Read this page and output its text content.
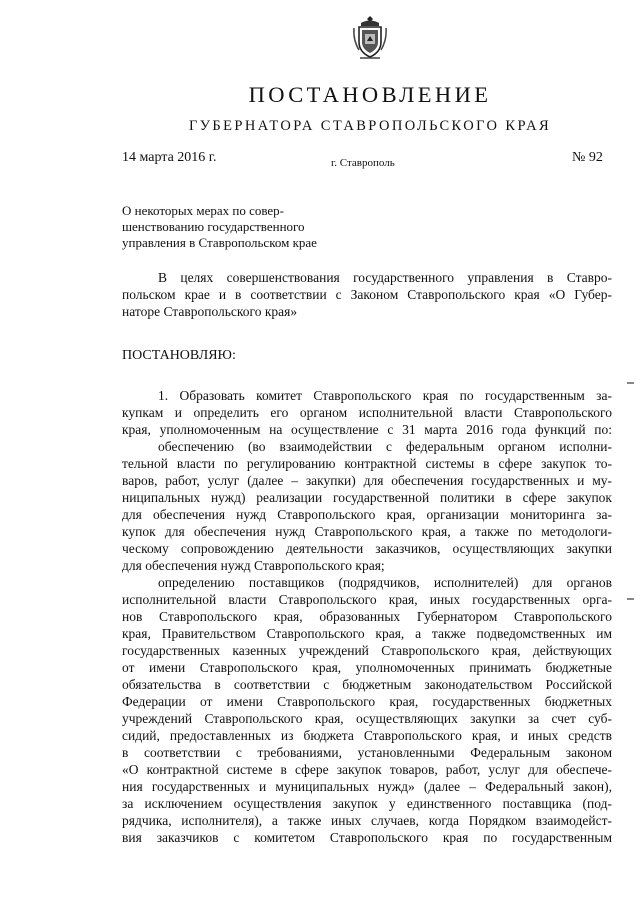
ПОСТАНОВЛЕНИЕ
ГУБЕРНАТОРА СТАВРОПОЛЬСКОГО КРАЯ
14 марта 2016 г.	г. Ставрополь	№ 92
О некоторых мерах по совер-
шенствованию государственного
управления в Ставропольском крае
В целях совершенствования государственного управления в Ставро-
польском крае и в соответствии с Законом Ставропольского края «О Губер-
наторе Ставропольского края»
ПОСТАНОВЛЯЮ:
1. Образовать комитет Ставропольского края по государственным за-
купкам и определить его органом исполнительной власти Ставропольского
края, уполномоченным на осуществление с 31 марта 2016 года функций по:
обеспечению (во взаимодействии с федеральным органом исполни-
тельной власти по регулированию контрактной системы в сфере закупок то-
варов, работ, услуг (далее – закупки) для обеспечения государственных и му-
ниципальных нужд) реализации государственной политики в сфере закупок
для обеспечения нужд Ставропольского края, организации мониторинга за-
купок для обеспечения нужд Ставропольского края, а также по методологи-
ческому сопровождению деятельности заказчиков, осуществляющих закупки
для обеспечения нужд Ставропольского края;
определению поставщиков (подрядчиков, исполнителей) для органов
исполнительной власти Ставропольского края, иных государственных орга-
нов Ставропольского края, образованных Губернатором Ставропольского
края, Правительством Ставропольского края, а также подведомственных им
государственных казенных учреждений Ставропольского края, действующих
от имени Ставропольского края, уполномоченных принимать бюджетные
обязательства в соответствии с бюджетным законодательством Российской
Федерации от имени Ставропольского края, государственных бюджетных
учреждений Ставропольского края, осуществляющих закупки за счет суб-
сидий, предоставленных из бюджета Ставропольского края, и иных средств
в соответствии с требованиями, установленными Федеральным законом
«О контрактной системе в сфере закупок товаров, работ, услуг для обеспече-
ния государственных и муниципальных нужд» (далее – Федеральный закон),
за исключением осуществления закупок у единственного поставщика (под-
рядчика, исполнителя), а также иных случаев, когда Порядком взаимодейст-
вия заказчиков с комитетом Ставропольского края по государственным
